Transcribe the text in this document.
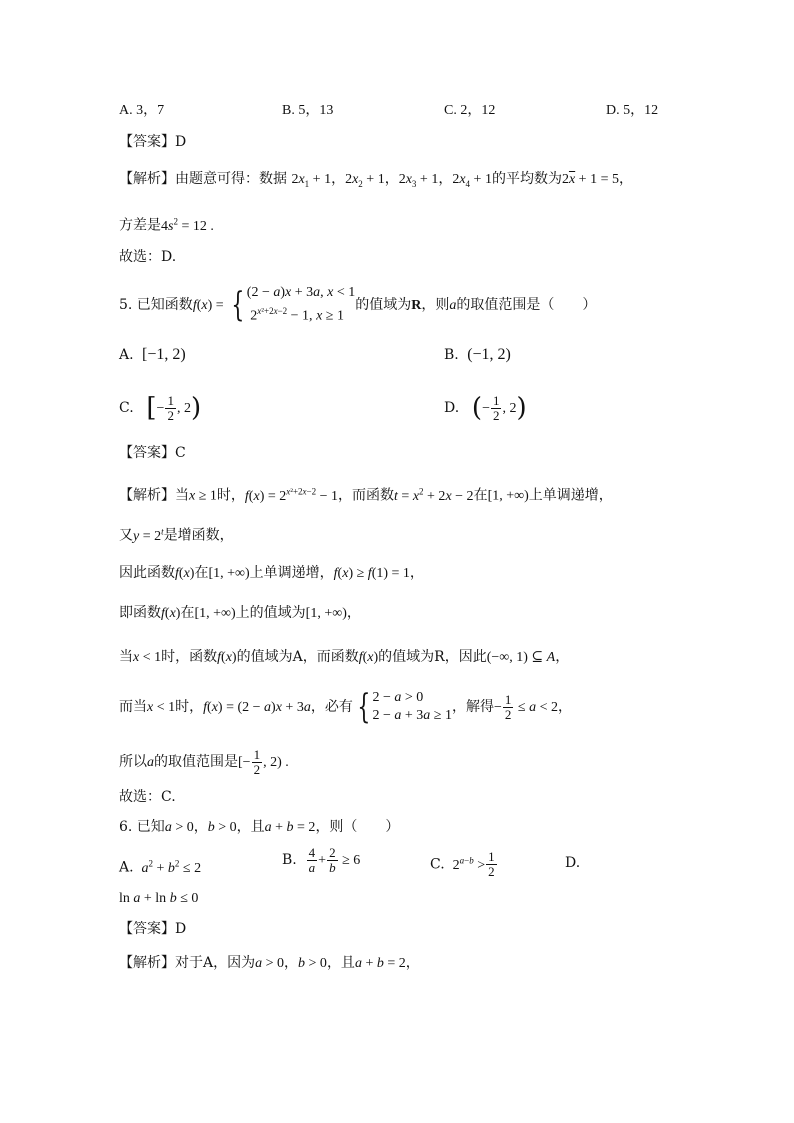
A. 3，7	B. 5，13	C. 2，12	D. 5，12
【答案】D
【解析】由题意可得：数据 $2x_1 + 1$，$2x_2 + 1$，$2x_3 + 1$，$2x_4 + 1$的平均数为$2\overline{x} + 1 = 5$，
方差是$4s^2 = 12$ .
故选：D.
5. 已知函数f(x) = { (2 − a)x + 3a, x < 1
$2^{x^2+2x-2} - 1$, x ≥ 1
的值域为R，则a的取值范围是（　　）
A.  [−1, 2)	B.  (−1, 2)
C.  [− $\frac{1}{2}$ , 2)	D.  (− $\frac{1}{2}$ , 2)
【答案】C
【解析】当x ≥ 1时，$f(x) = 2^{x^2+2x-2} - 1$，而函数$t = x^2 + 2x - 2$在[1, +∞)上单调递增，
又$y = 2^t$是增函数，
因此函数f(x)在[1, +∞)上单调递增，f(x) ≥ f(1) = 1，
即函数f(x)在[1, +∞)上的值域为[1, +∞)，
当x < 1时，函数f(x)的值域为A，而函数f(x)的值域为R，因此(−∞, 1) ⊆ A，
而当x < 1时，f(x) = (2 − a)x + 3a，必有 { 2 − a > 0
2 − a + 3a ≥ 1
，解得− $\frac{1}{2} \le a < 2$，
所以a的取值范围是[− $\frac{1}{2}$ , 2) .
故选：C.
6. 已知a > 0，b > 0，且a + b = 2，则（　　）
A. $a^2 + b^2 \le 2$
B. $\frac{4}{a} + \frac{2}{b} \ge 6$	C.  $2^{a-b} > \frac{1}{2}$	D.
ln a + ln b ≤ 0
【答案】D
【解析】对于A，因为a > 0，b > 0，且a + b = 2，
